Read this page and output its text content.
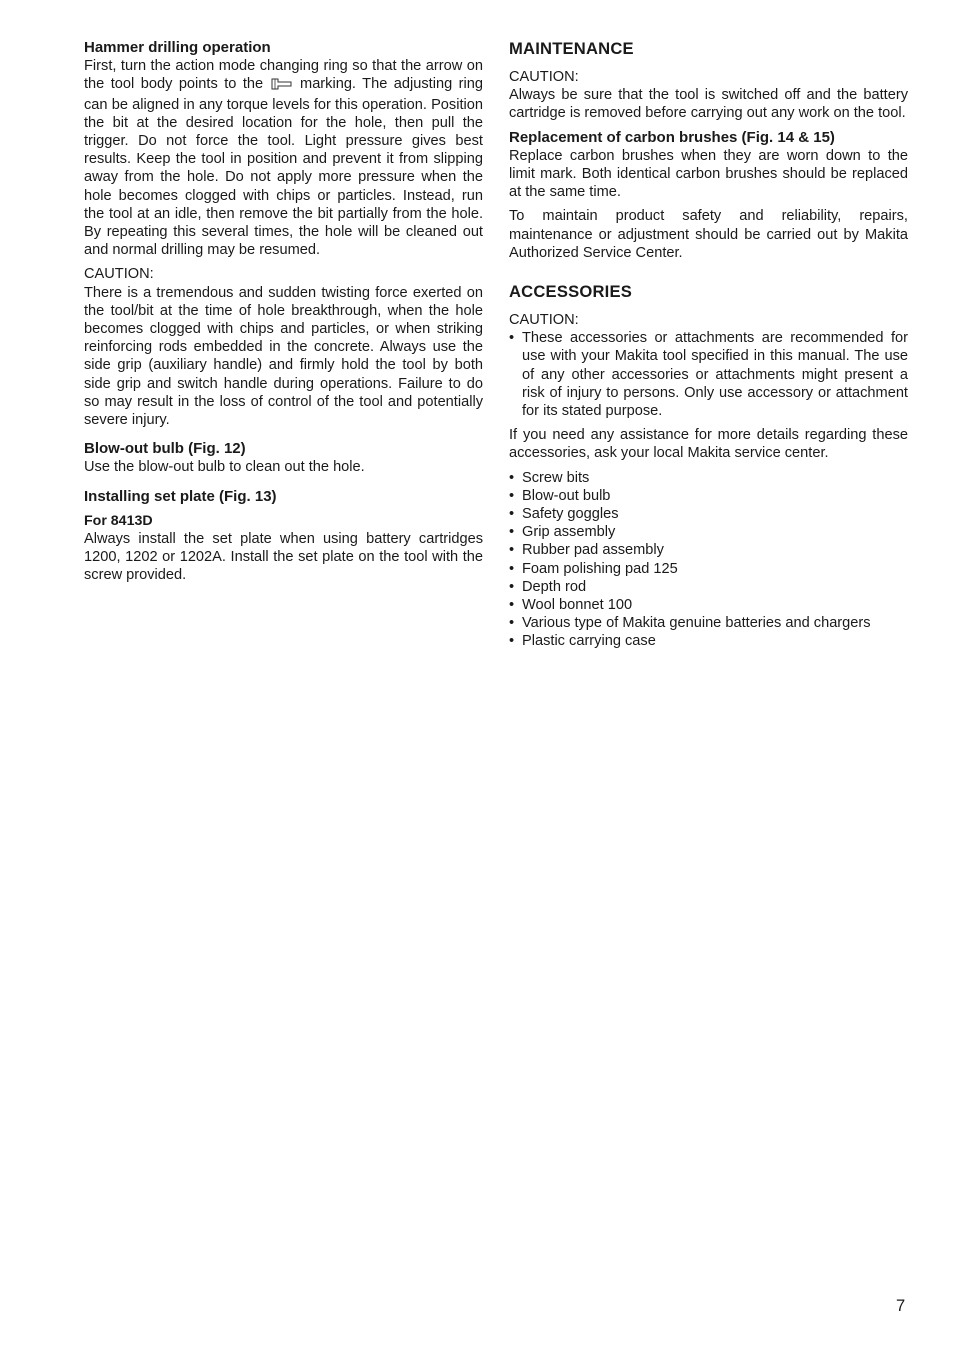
Hammer drilling operation

First, turn the action mode changing ring so that the arrow on the tool body points to the	marking. The adjusting ring can be aligned in any torque levels for this operation. Position the bit at the desired location for the hole, then pull the trigger. Do not force the tool. Light pressure gives best results. Keep the tool in position and prevent it from slipping away from the hole. Do not apply more pressure when the hole becomes clogged with chips or particles. Instead, run the tool at an idle, then remove the bit partially from the hole. By repeating this several times, the hole will be cleaned out and normal drilling may be resumed.

CAUTION:

There is a tremendous and sudden twisting force exerted on the tool/bit at the time of hole breakthrough, when the hole becomes clogged with chips and particles, or when striking reinforcing rods embedded in the concrete. Always use the side grip (auxiliary handle) and firmly hold the tool by both side grip and switch handle during operations. Failure to do so may result in the loss of control of the tool and potentially severe injury.

Blow-out bulb (Fig. 12)

Use the blow-out bulb to clean out the hole.

Installing set plate (Fig. 13)
For 8413D

Always install the set plate when using battery cartridges 1200, 1202 or 1202A. Install the set plate on the tool with the screw provided.

MAINTENANCE

CAUTION:

Always be sure that the tool is switched off and the battery cartridge is removed before carrying out any work on the tool.

Replacement of carbon brushes (Fig. 14 & 15)

Replace carbon brushes when they are worn down to the limit mark. Both identical carbon brushes should be replaced at the same time.

To maintain product safety and reliability, repairs, maintenance or adjustment should be carried out by Makita Authorized Service Center.

ACCESSORIES

CAUTION:

• These accessories or attachments are recommended for use with your Makita tool specified in this manual. The use of any other accessories or attachments might present a risk of injury to persons. Only use accessory or attachment for its stated purpose.

If you need any assistance for more details regarding these accessories, ask your local Makita service center.

• Screw bits
• Blow-out bulb
• Safety goggles
• Grip assembly
• Rubber pad assembly
• Foam polishing pad 125
• Depth rod
• Wool bonnet 100
• Various type of Makita genuine batteries and chargers
• Plastic carrying case
7
